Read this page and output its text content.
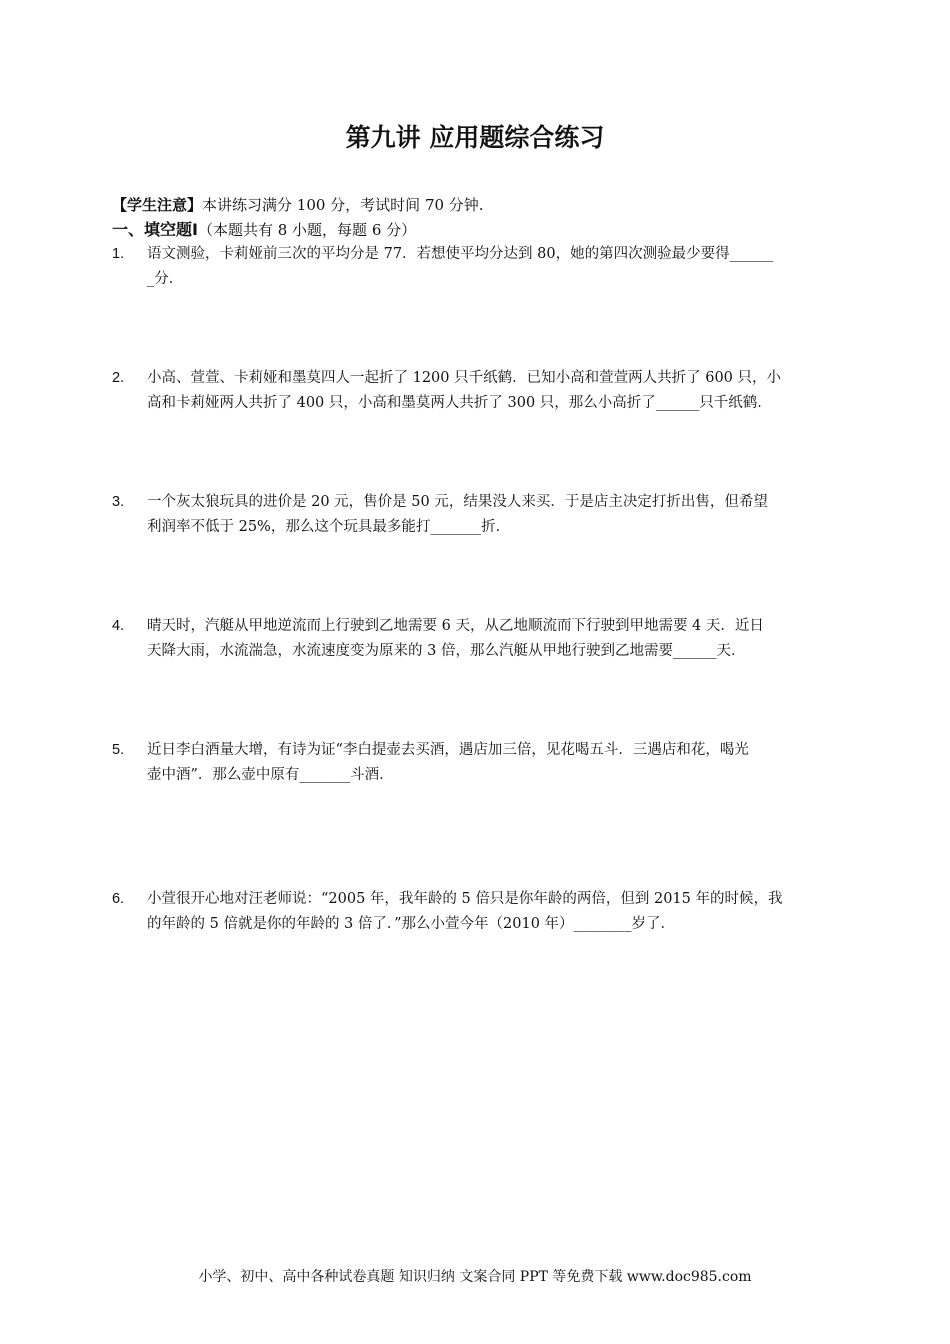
第九讲 应用题综合练习
【学生注意】本讲练习满分 100 分，考试时间 70 分钟.
一、填空题Ⅰ（本题共有 8 小题，每题 6 分）
1. 语文测验，卡莉娅前三次的平均分是 77．若想使平均分达到 80，她的第四次测验最少要得______
_分．
2. 小高、萱萱、卡莉娅和墨莫四人一起折了 1200 只千纸鹤．已知小高和萱萱两人共折了 600 只，小
高和卡莉娅两人共折了 400 只，小高和墨莫两人共折了 300 只，那么小高折了______只千纸鹤．
3. 一个灰太狼玩具的进价是 20 元，售价是 50 元，结果没人来买．于是店主决定打折出售，但希望
利润率不低于 25%，那么这个玩具最多能打_______折．
4. 晴天时，汽艇从甲地逆流而上行驶到乙地需要 6 天，从乙地顺流而下行驶到甲地需要 4 天．近日
天降大雨，水流湍急，水流速度变为原来的 3 倍，那么汽艇从甲地行驶到乙地需要______天．
5. 近日李白酒量大增，有诗为证“李白提壶去买酒，遇店加三倍，见花喝五斗．三遇店和花，喝光
壶中酒”．那么壶中原有_______斗酒．
6. 小萱很开心地对汪老师说：“2005 年，我年龄的 5 倍只是你年龄的两倍，但到 2015 年的时候，我
的年龄的 5 倍就是你的年龄的 3 倍了．”那么小萱今年（2010 年）________岁了．
小学、初中、高中各种试卷真题 知识归纳 文案合同 PPT 等免费下载 www.doc985.com
